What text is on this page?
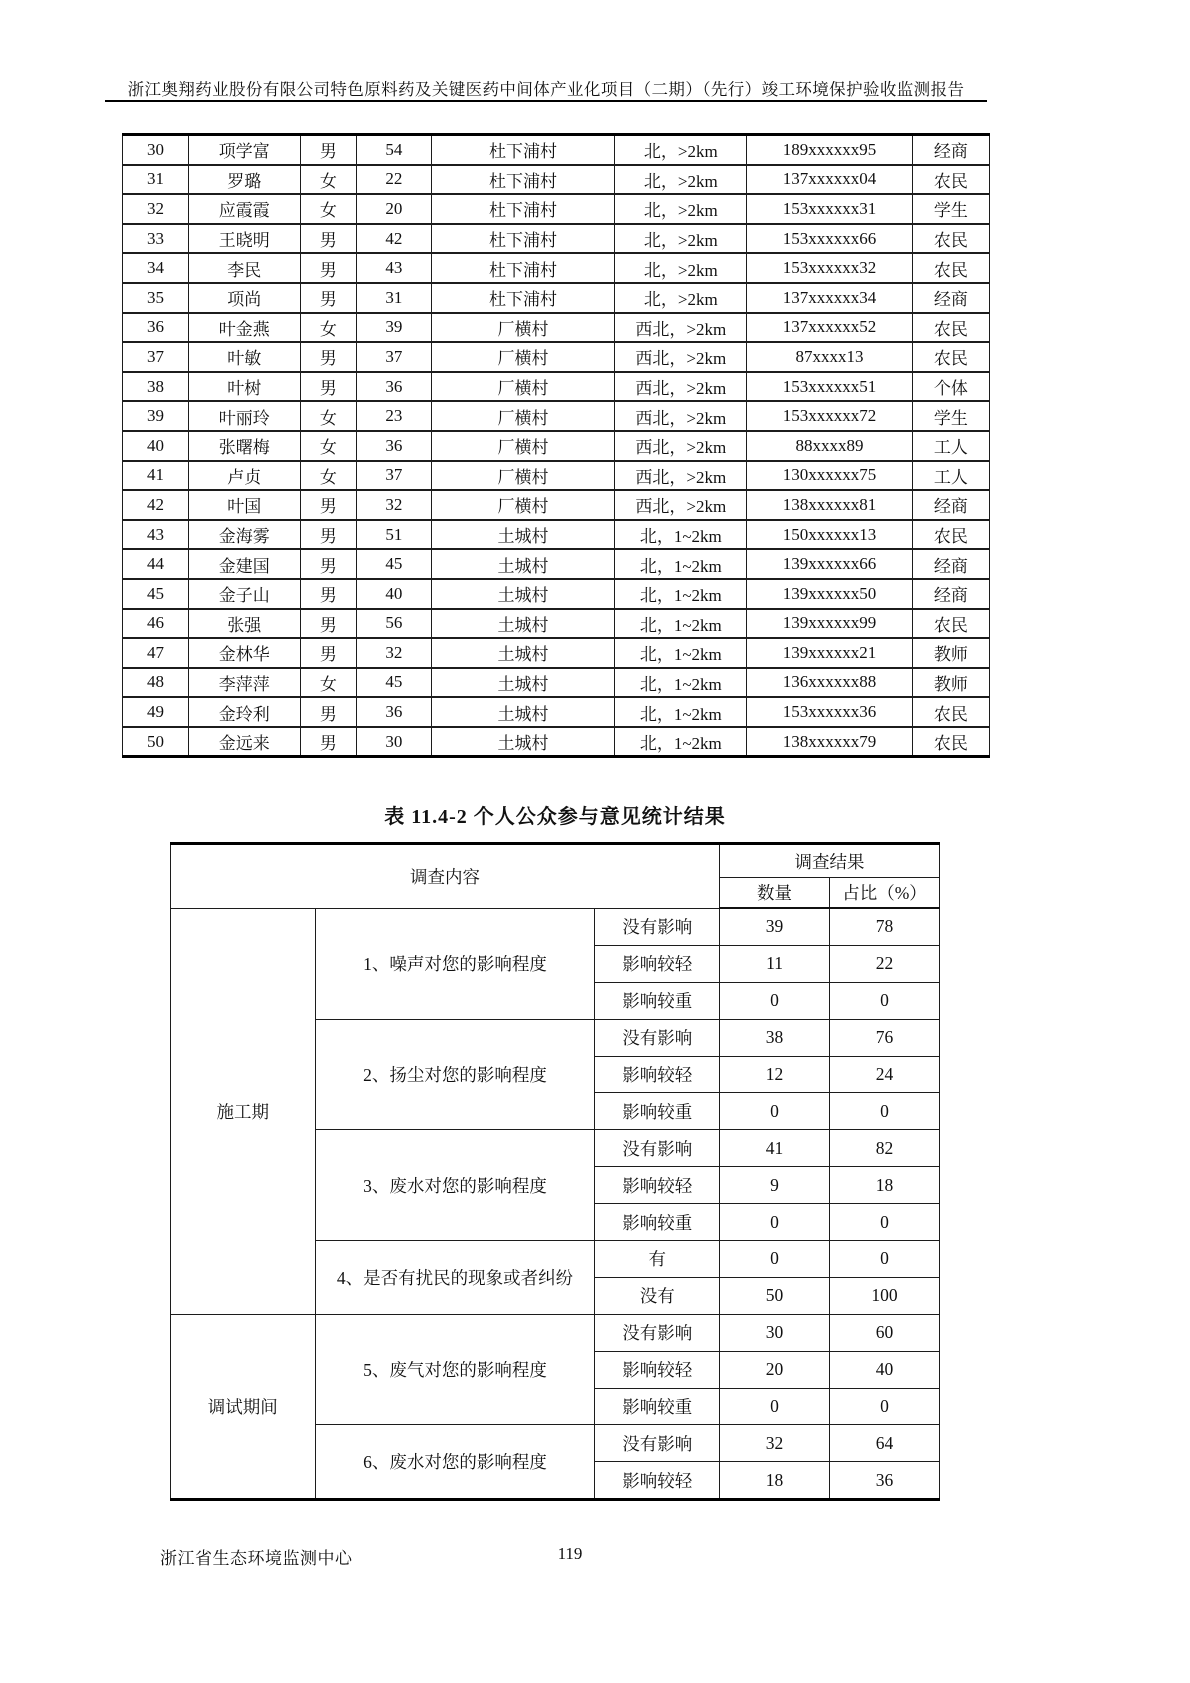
浙江奥翔药业股份有限公司特色原料药及关键医药中间体产业化项目（二期）（先行）竣工环境保护验收监测报告
30	项学富	男	54	杜下浦村	北，>2km	189xxxxxx95	经商
31	罗璐	女	22	杜下浦村	北，>2km	137xxxxxx04	农民
32	应霞霞	女	20	杜下浦村	北，>2km	153xxxxxx31	学生
33	王晓明	男	42	杜下浦村	北，>2km	153xxxxxx66	农民
34	李民	男	43	杜下浦村	北，>2km	153xxxxxx32	农民
35	项尚	男	31	杜下浦村	北，>2km	137xxxxxx34	经商
36	叶金燕	女	39	厂横村	西北，>2km	137xxxxxx52	农民
37	叶敏	男	37	厂横村	西北，>2km	87xxxx13	农民
38	叶树	男	36	厂横村	西北，>2km	153xxxxxx51	个体
39	叶丽玲	女	23	厂横村	西北，>2km	153xxxxxx72	学生
40	张曙梅	女	36	厂横村	西北，>2km	88xxxx89	工人
41	卢贞	女	37	厂横村	西北，>2km	130xxxxxx75	工人
42	叶国	男	32	厂横村	西北，>2km	138xxxxxx81	经商
43	金海雾	男	51	土城村	北，1~2km	150xxxxxx13	农民
44	金建国	男	45	土城村	北，1~2km	139xxxxxx66	经商
45	金子山	男	40	土城村	北，1~2km	139xxxxxx50	经商
46	张强	男	56	土城村	北，1~2km	139xxxxxx99	农民
47	金林华	男	32	土城村	北，1~2km	139xxxxxx21	教师
48	李萍萍	女	45	土城村	北，1~2km	136xxxxxx88	教师
49	金玲利	男	36	土城村	北，1~2km	153xxxxxx36	农民
50	金远来	男	30	土城村	北，1~2km	138xxxxxx79	农民
表 11.4-2 个人公众参与意见统计结果
调查内容			调查结果	
			数量	占比（%）
施工期	1、噪声对您的影响程度	没有影响	39	78
		影响较轻	11	22
		影响较重	0	0
	2、扬尘对您的影响程度	没有影响	38	76
		影响较轻	12	24
		影响较重	0	0
	3、废水对您的影响程度	没有影响	41	82
		影响较轻	9	18
		影响较重	0	0
	4、是否有扰民的现象或者纠纷	有	0	0
		没有	50	100
调试期间	5、废气对您的影响程度	没有影响	30	60
		影响较轻	20	40
		影响较重	0	0
	6、废水对您的影响程度	没有影响	32	64
		影响较轻	18	36
浙江省生态环境监测中心	119
